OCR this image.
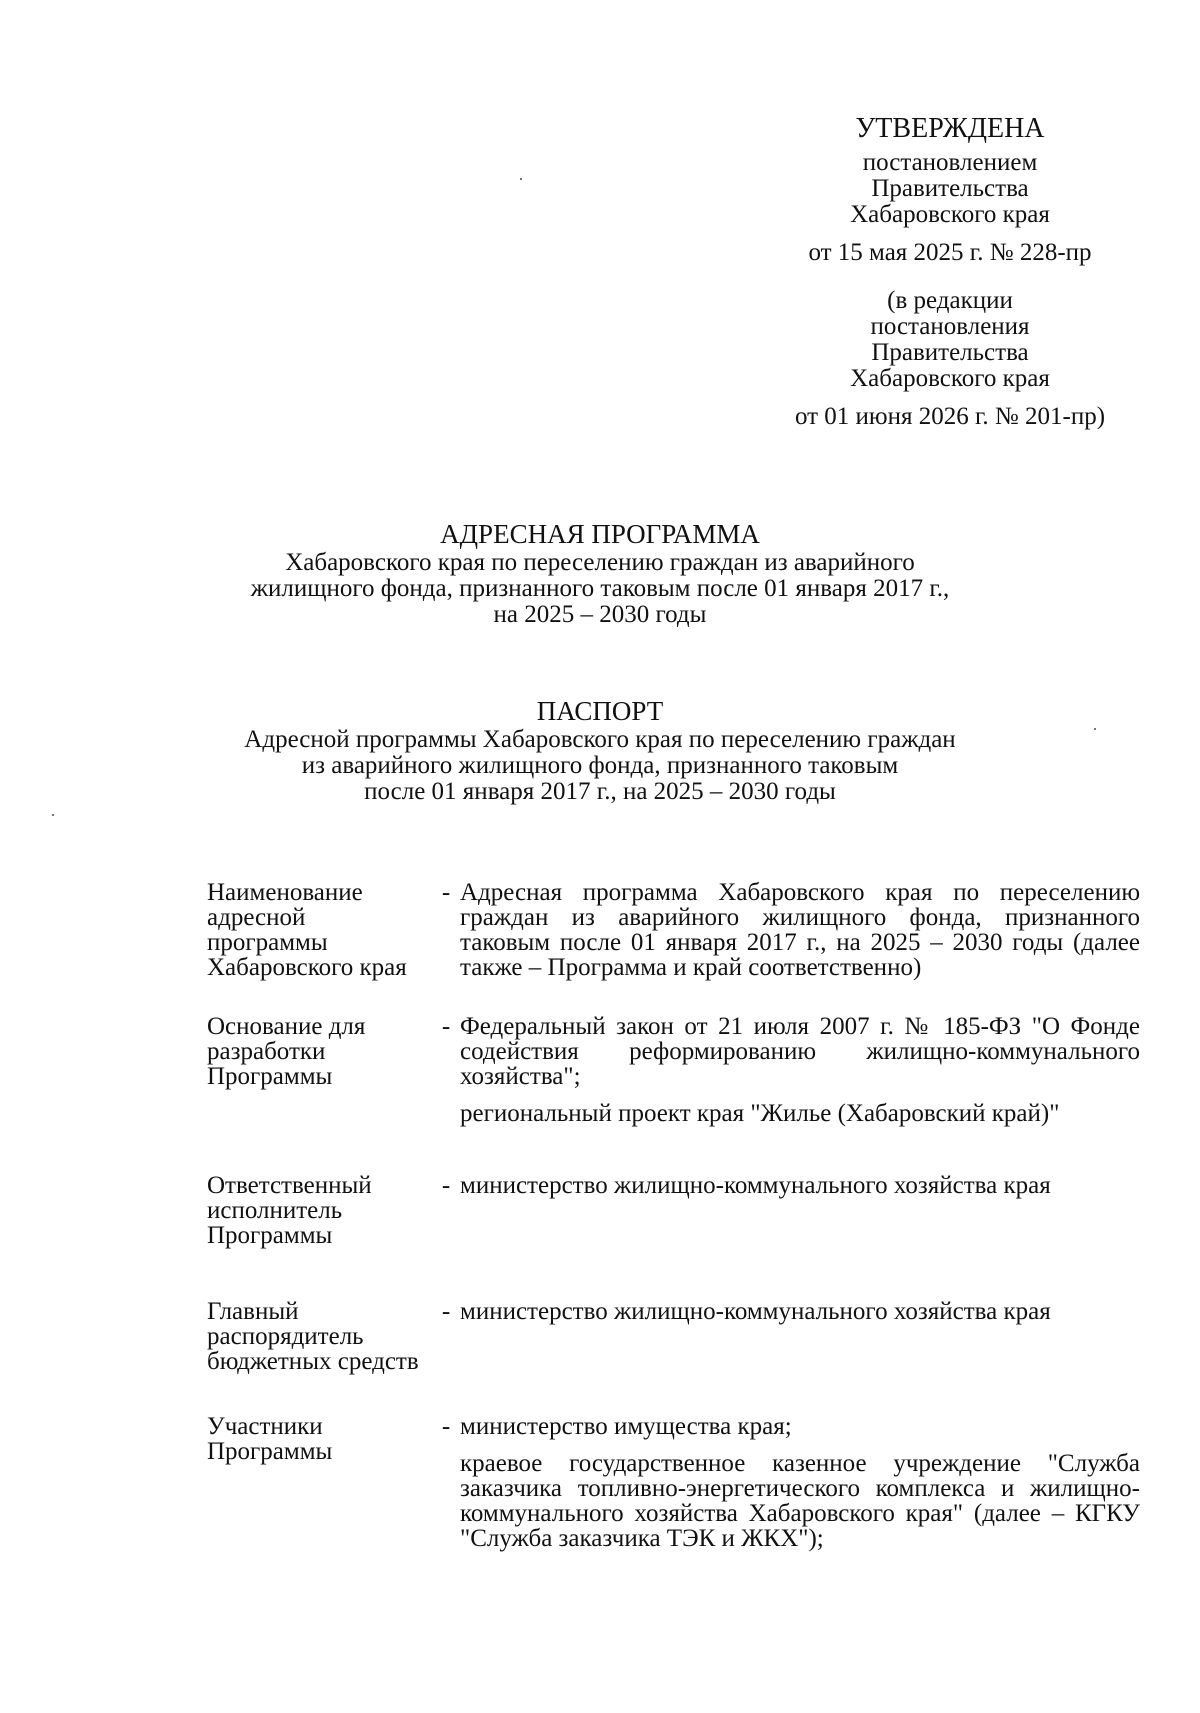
УТВЕРЖДЕНА
постановлением
Правительства
Хабаровского края
от 15 мая 2025 г. № 228-пр
(в редакции
постановления
Правительства
Хабаровского края
от 01 июня 2026 г. № 201-пр)
АДРЕСНАЯ ПРОГРАММА
Хабаровского края по переселению граждан из аварийного
жилищного фонда, признанного таковым после 01 января 2017 г.,
на 2025 – 2030 годы
ПАСПОРТ
Адресной программы Хабаровского края по переселению граждан
из аварийного жилищного фонда, признанного таковым
после 01 января 2017 г., на 2025 – 2030 годы
Наименование адресной программы Хабаровского края
- Адресная программа Хабаровского края по переселению граждан из аварийного жилищного фонда, признанного таковым после 01 января 2017 г., на 2025 – 2030 годы (далее также – Программа и край соответственно)
Основание для разработки Программы
- Федеральный закон от 21 июля 2007 г. № 185-ФЗ "О Фонде содействия реформированию жилищно-коммунального хозяйства";
региональный проект края "Жилье (Хабаровский край)"
Ответственный исполнитель Программы
- министерство жилищно-коммунального хозяйства края
Главный распорядитель бюджетных средств
- министерство жилищно-коммунального хозяйства края
Участники Программы
- министерство имущества края;
краевое государственное казенное учреждение "Служба заказчика топливно-энергетического комплекса и жилищно-коммунального хозяйства Хабаровского края" (далее – КГКУ "Служба заказчика ТЭК и ЖКХ");
